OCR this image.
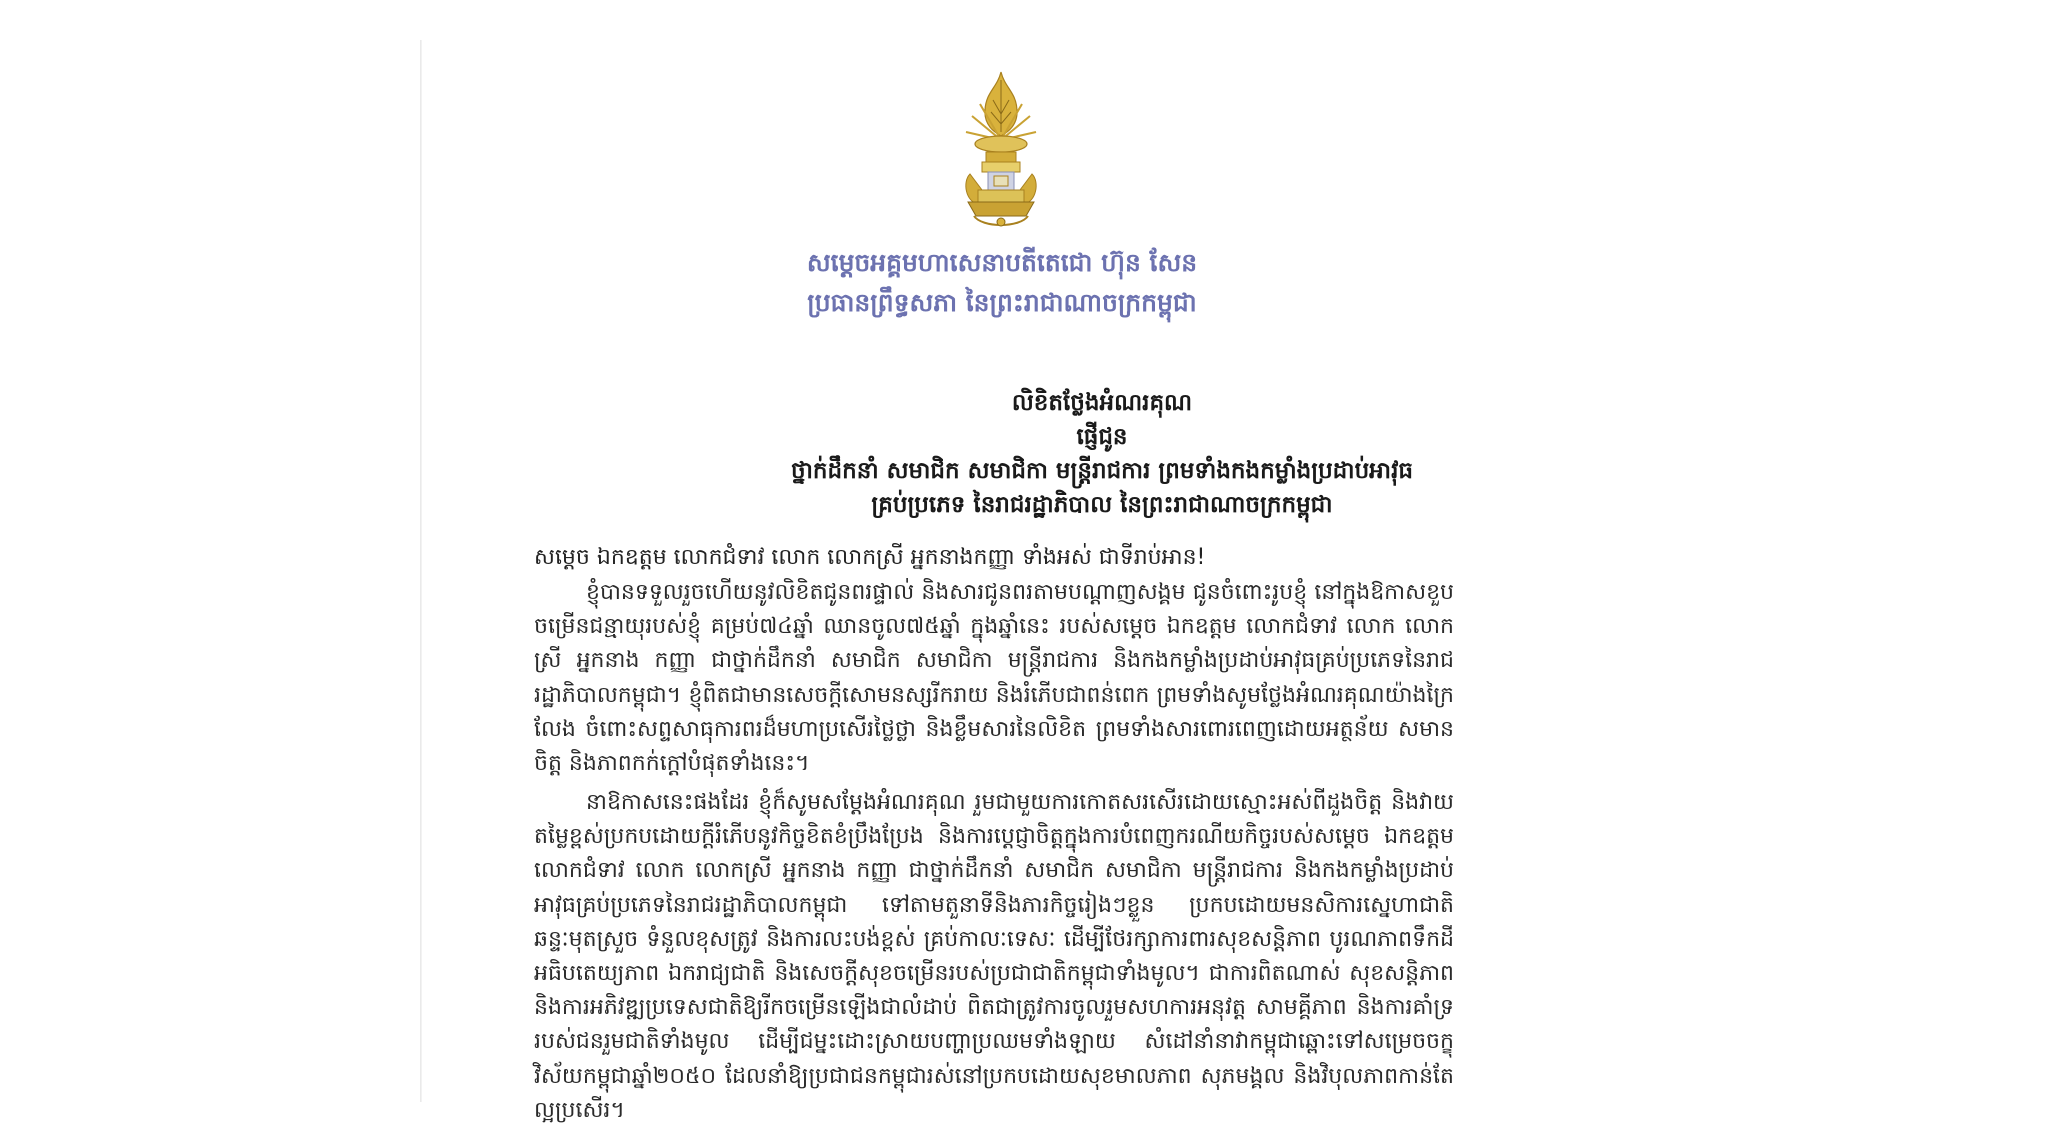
សម្តេចអគ្គមហាសេនាបតីតេជោ ហ៊ុន សែន
ប្រធានព្រឹទ្ធសភា នៃព្រះរាជាណាចក្រកម្ពុជា
លិខិតថ្លែងអំណរគុណ
ផ្ញើជូន
ថ្នាក់ដឹកនាំ សមាជិក សមាជិកា មន្ត្រីរាជការ ព្រមទាំងកងកម្លាំងប្រដាប់អាវុធ
គ្រប់ប្រភេទ នៃរាជរដ្ឋាភិបាល នៃព្រះរាជាណាចក្រកម្ពុជា
សម្តេច ឯកឧត្តម លោកជំទាវ លោក លោកស្រី អ្នកនាងកញ្ញា ទាំងអស់ ជាទីរាប់អាន!

ខ្ញុំបានទទួលរួចហើយនូវលិខិតជូនពរផ្ទាល់ និងសារជូនពរតាមបណ្តាញសង្គម ជូនចំពោះរូបខ្ញុំ នៅក្នុងឱកាសខួបចម្រើនជន្មាយុរបស់ខ្ញុំ គម្រប់៧៤ឆ្នាំ ឈានចូល៧៥ឆ្នាំ ក្នុងឆ្នាំនេះ របស់សម្តេច ឯកឧត្តម លោកជំទាវ លោក លោកស្រី អ្នកនាង កញ្ញា ជាថ្នាក់ដឹកនាំ សមាជិក សមាជិកា មន្ត្រីរាជការ និងកងកម្លាំងប្រដាប់អាវុធគ្រប់ប្រភេទនៃរាជរដ្ឋាភិបាលកម្ពុជា។ ខ្ញុំពិតជាមានសេចក្តីសោមនស្សរីករាយ និងរំភើបជាពន់ពេក ព្រមទាំងសូមថ្លែងអំណរគុណយ៉ាងក្រៃលែង ចំពោះសព្ទសាធុការពរដ៏មហាប្រសើរថ្លៃថ្លា និងខ្លឹមសារនៃលិខិត ព្រមទាំងសារពោរពេញដោយអត្ថន័យ សមានចិត្ត និងភាពកក់ក្តៅបំផុតទាំងនេះ។

នាឱកាសនេះផងដែរ ខ្ញុំក៏សូមសម្តែងអំណរគុណ រួមជាមួយការកោតសរសើរដោយស្មោះអស់ពីដួងចិត្ត និងវាយតម្លៃខ្ពស់ប្រកបដោយក្តីរំភើបនូវកិច្ចខិតខំប្រឹងប្រែង និងការប្តេជ្ញាចិត្តក្នុងការបំពេញករណីយកិច្ចរបស់សម្តេច ឯកឧត្តម លោកជំទាវ លោក លោកស្រី អ្នកនាង កញ្ញា ជាថ្នាក់ដឹកនាំ សមាជិក សមាជិកា មន្ត្រីរាជការ និងកងកម្លាំងប្រដាប់អាវុធគ្រប់ប្រភេទនៃរាជរដ្ឋាភិបាលកម្ពុជា ទៅតាមតួនាទីនិងភារកិច្ចរៀងៗខ្លួន ប្រកបដោយមនសិការស្នេហាជាតិ ឆន្ទៈមុតស្រួច ទំនួលខុសត្រូវ និងការលះបង់ខ្ពស់ គ្រប់កាលៈទេសៈ ដើម្បីថែរក្សាការពារសុខសន្តិភាព បូរណភាពទឹកដី អធិបតេយ្យភាព ឯករាជ្យជាតិ និងសេចក្តីសុខចម្រើនរបស់ប្រជាជាតិកម្ពុជាទាំងមូល។ ជាការពិតណាស់ សុខសន្តិភាព និងការអភិវឌ្ឍប្រទេសជាតិឱ្យរីកចម្រើនឡើងជាលំដាប់ ពិតជាត្រូវការចូលរួមសហការអនុវត្ត សាមគ្គីភាព និងការគាំទ្ររបស់ជនរួមជាតិទាំងមូល ដើម្បីជម្នះដោះស្រាយបញ្ហាប្រឈមទាំងឡាយ សំដៅនាំនាវាកម្ពុជាឆ្ពោះទៅសម្រេចចក្ខុវិស័យកម្ពុជាឆ្នាំ២០៥០ ដែលនាំឱ្យប្រជាជនកម្ពុជារស់នៅប្រកបដោយសុខមាលភាព សុភមង្គល និងវិបុលភាពកាន់តែល្អប្រសើរ។
